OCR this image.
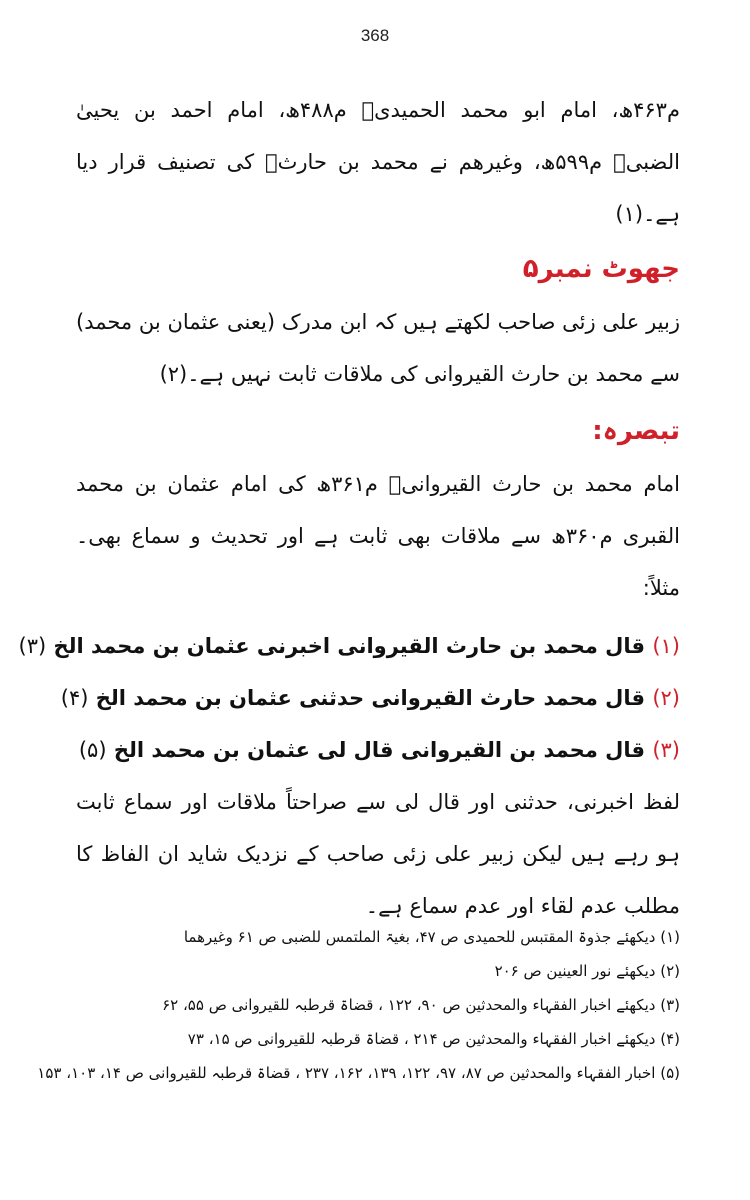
368

م۴۶۳ھ، امام ابو محمد الحمیدیؒ م۴۸۸ھ، امام احمد بن یحییٰ الضبیؒ م۵۹۹ھ، وغیرھم نے محمد بن حارثؒ کی تصنیف قرار دیا ہے۔(۱)

جھوٹ نمبر۵

زبیر علی زئی صاحب لکھتے ہیں کہ ابن مدرک (یعنی عثمان بن محمد) سے محمد بن حارث القیروانی کی ملاقات ثابت نہیں ہے۔(۲)

تبصرہ:

امام محمد بن حارث القیروانیؒ م۳۶۱ھ کی امام عثمان بن محمد القبری م۳۶۰ھ سے ملاقات بھی ثابت ہے اور تحدیث و سماع بھی۔ مثلاً:

(۱) قال محمد بن حارث القیروانی اخبرنی عثمان بن محمد الخ (۳)

(۲) قال محمد حارث القیروانی حدثنی عثمان بن محمد الخ (۴)

(۳) قال محمد بن القیروانی قال لی عثمان بن محمد الخ (۵)

لفظ اخبرنی، حدثنی اور قال لی سے صراحتاً ملاقات اور سماع ثابت ہو رہے ہیں لیکن زبیر علی زئی صاحب کے نزدیک شاید ان الفاظ کا مطلب عدم لقاء اور عدم سماع ہے۔

(۱) دیکھئے جذوۃ المقتبس للحمیدی ص ۴۷، بغیۃ الملتمس للضبی ص ۶۱ وغیرھما

(۲) دیکھئے نور العینین ص ۲۰۶

(۳) دیکھئے اخبار الفقہاء والمحدثین ص ۹۰، ۱۲۲ ، قضاۃ قرطبہ للقیروانی ص ۵۵، ۶۲

(۴) دیکھئے اخبار الفقہاء والمحدثین ص ۲۱۴ ، قضاۃ قرطبہ للقیروانی ص ۱۵، ۷۳

(۵) اخبار الفقہاء والمحدثین ص ۸۷، ۹۷، ۱۲۲، ۱۳۹، ۱۶۲، ۲۳۷ ، قضاۃ قرطبہ للقیروانی ص ۱۴، ۱۰۳، ۱۵۳
